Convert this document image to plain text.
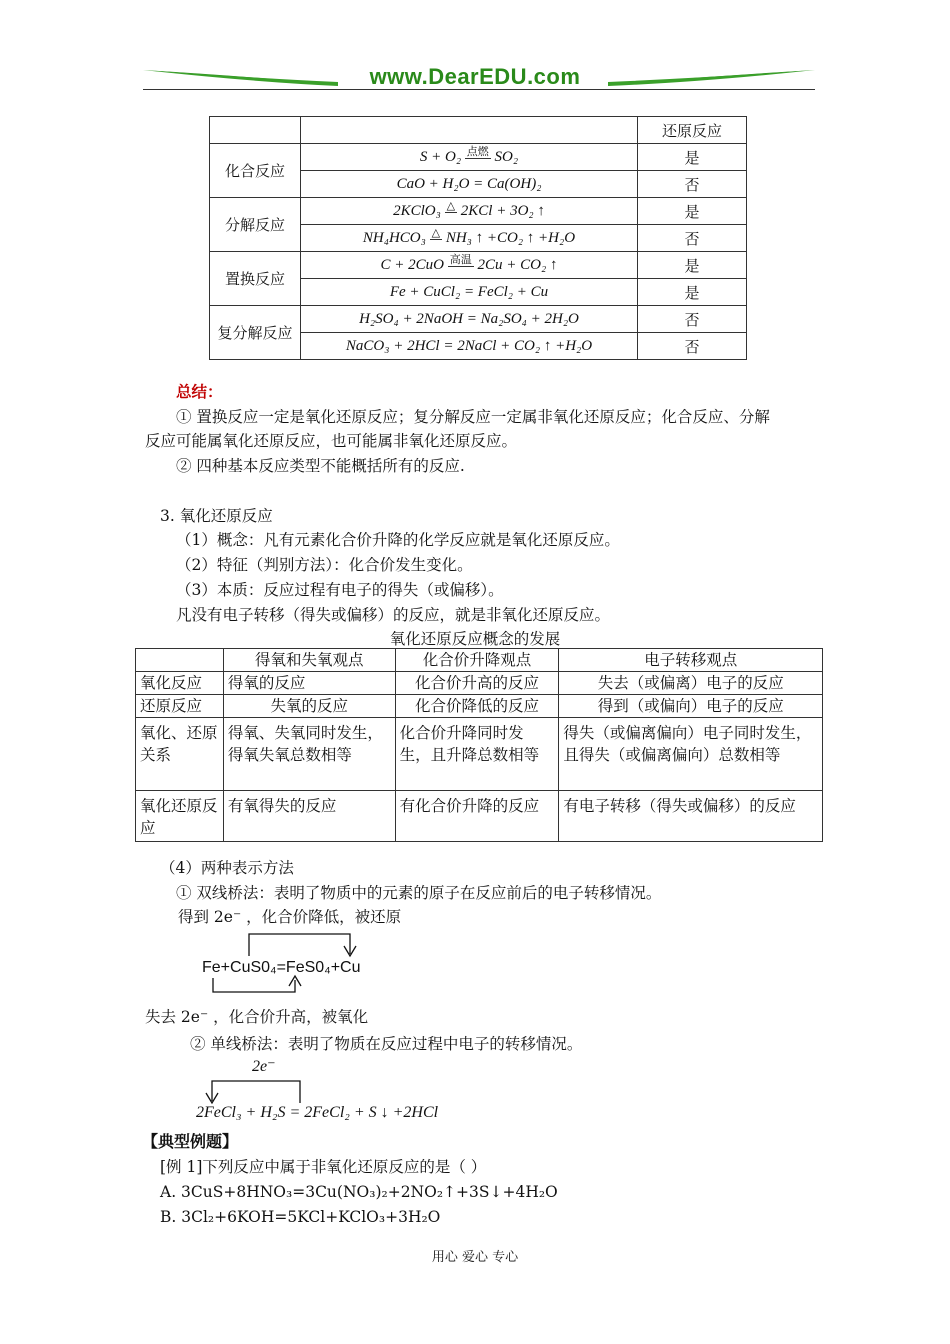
www.DearEDU.com
		还原反应
化合反应	S + O₂ $^{点燃}$ SO₂	是
	CaO + H₂O = Ca(OH)₂	否
分解反应	2KClO₃ △ 2KCl + 3O₂ ↑	是
	NH₄HCO₃ △ NH₃ ↑ +CO₂ ↑ +H₂O	否
置换反应	C + 2CuO $^{高温}$ 2Cu + CO₂ ↑	是
	Fe + CuCl₂ = FeCl₂ + Cu	是
复分解反应	H₂SO₄ + 2NaOH = Na₂SO₄ + 2H₂O	否
	NaCO₃ + 2HCl = 2NaCl + CO₂ ↑ +H₂O	否
总结：
① 置换反应一定是氧化还原反应；复分解反应一定属非氧化还原反应；化合反应、分解
反应可能属氧化还原反应，也可能属非氧化还原反应。
② 四种基本反应类型不能概括所有的反应.
3. 氧化还原反应
（1）概念：凡有元素化合价升降的化学反应就是氧化还原反应。
（2）特征（判别方法）：化合价发生变化。
（3）本质：反应过程有电子的得失（或偏移）。
凡没有电子转移（得失或偏移）的反应，就是非氧化还原反应。
氧化还原反应概念的发展
	得氧和失氧观点	化合价升降观点	电子转移观点
氧化反应	得氧的反应	化合价升高的反应	失去（或偏离）电子的反应
还原反应	失氧的反应	化合价降低的反应	得到（或偏向）电子的反应
氧化、还原关系	得氧、失氧同时发生，得氧失氧总数相等	化合价升降同时发生，且升降总数相等	得失（或偏离偏向）电子同时发生，且得失（或偏离偏向）总数相等
氧化还原反应	有氧得失的反应	有化合价升降的反应	有电子转移（得失或偏移）的反应
（4）两种表示方法
① 双线桥法：表明了物质中的元素的原子在反应前后的电子转移情况。
得到 2e⁻ ，化合价降低，被还原
Fe+CuS0₄=FeS0₄+Cu
失去 2e⁻ ，化合价升高，被氧化
② 单线桥法：表明了物质在反应过程中电子的转移情况。
2e⁻
2FeCl₃ + H₂S = 2FeCl₂ + S ↓ +2HCl
【典型例题】
[例 1]下列反应中属于非氧化还原反应的是（ ）
A. 3CuS+8HNO₃=3Cu(NO₃)₂+2NO₂↑+3S↓+4H₂O
B. 3Cl₂+6KOH=5KCl+KClO₃+3H₂O
用心 爱心 专心
